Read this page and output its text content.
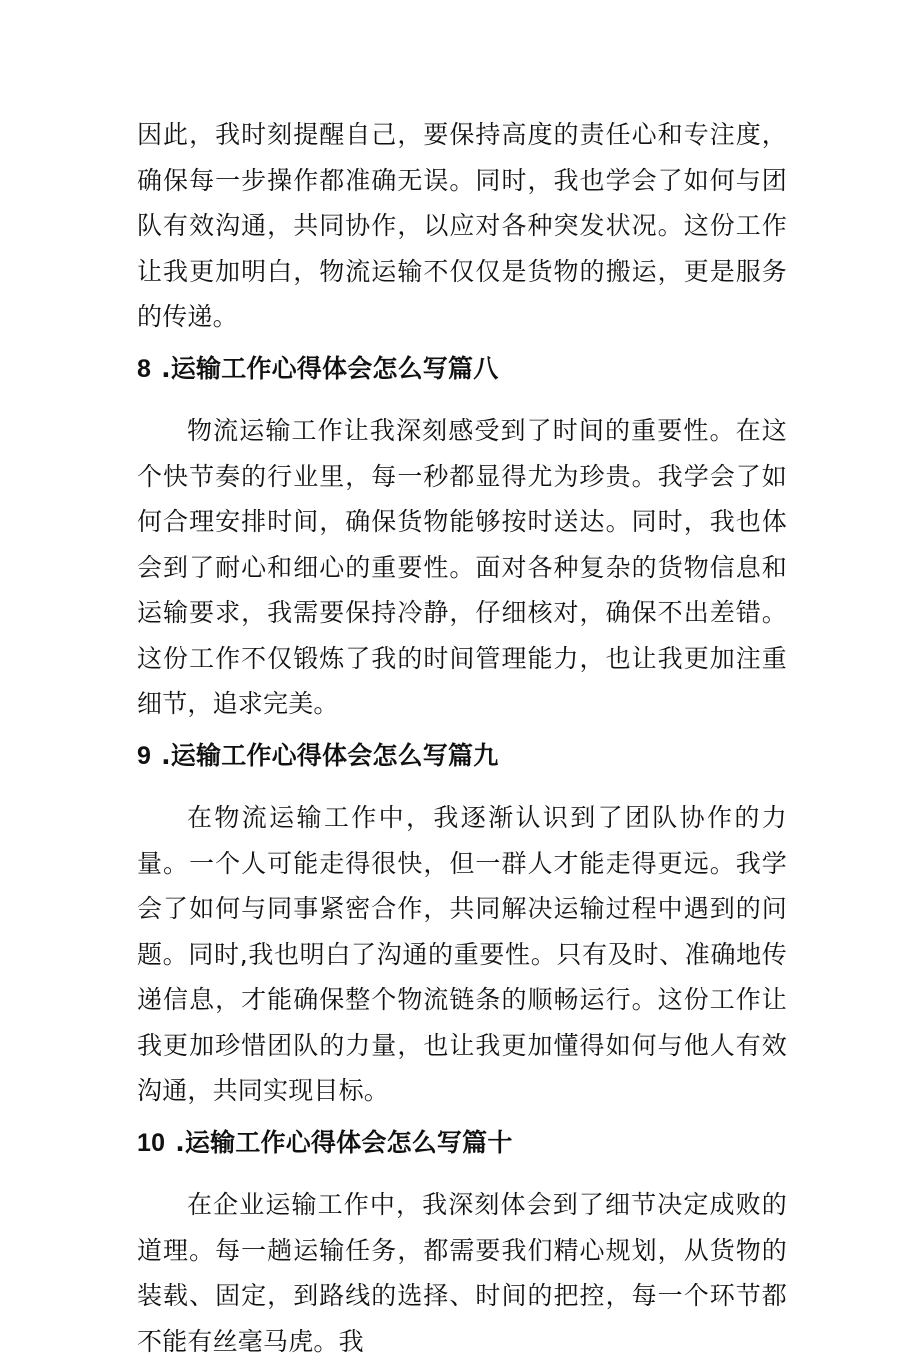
因此，我时刻提醒自己，要保持高度的责任心和专注度，确保每一步操作都准确无误。同时，我也学会了如何与团队有效沟通，共同协作，以应对各种突发状况。这份工作让我更加明白，物流运输不仅仅是货物的搬运，更是服务的传递。

8 .运输工作心得体会怎么写篇八

物流运输工作让我深刻感受到了时间的重要性。在这个快节奏的行业里，每一秒都显得尤为珍贵。我学会了如何合理安排时间，确保货物能够按时送达。同时，我也体会到了耐心和细心的重要性。面对各种复杂的货物信息和运输要求，我需要保持冷静，仔细核对，确保不出差错。这份工作不仅锻炼了我的时间管理能力，也让我更加注重细节，追求完美。

9 .运输工作心得体会怎么写篇九

在物流运输工作中，我逐渐认识到了团队协作的力量。一个人可能走得很快，但一群人才能走得更远。我学会了如何与同事紧密合作，共同解决运输过程中遇到的问题。同时,我也明白了沟通的重要性。只有及时、准确地传递信息，才能确保整个物流链条的顺畅运行。这份工作让我更加珍惜团队的力量，也让我更加懂得如何与他人有效沟通，共同实现目标。

10 .运输工作心得体会怎么写篇十

在企业运输工作中，我深刻体会到了细节决定成败的道理。每一趟运输任务，都需要我们精心规划，从货物的装载、固定，到路线的选择、时间的把控，每一个环节都不能有丝毫马虎。我
